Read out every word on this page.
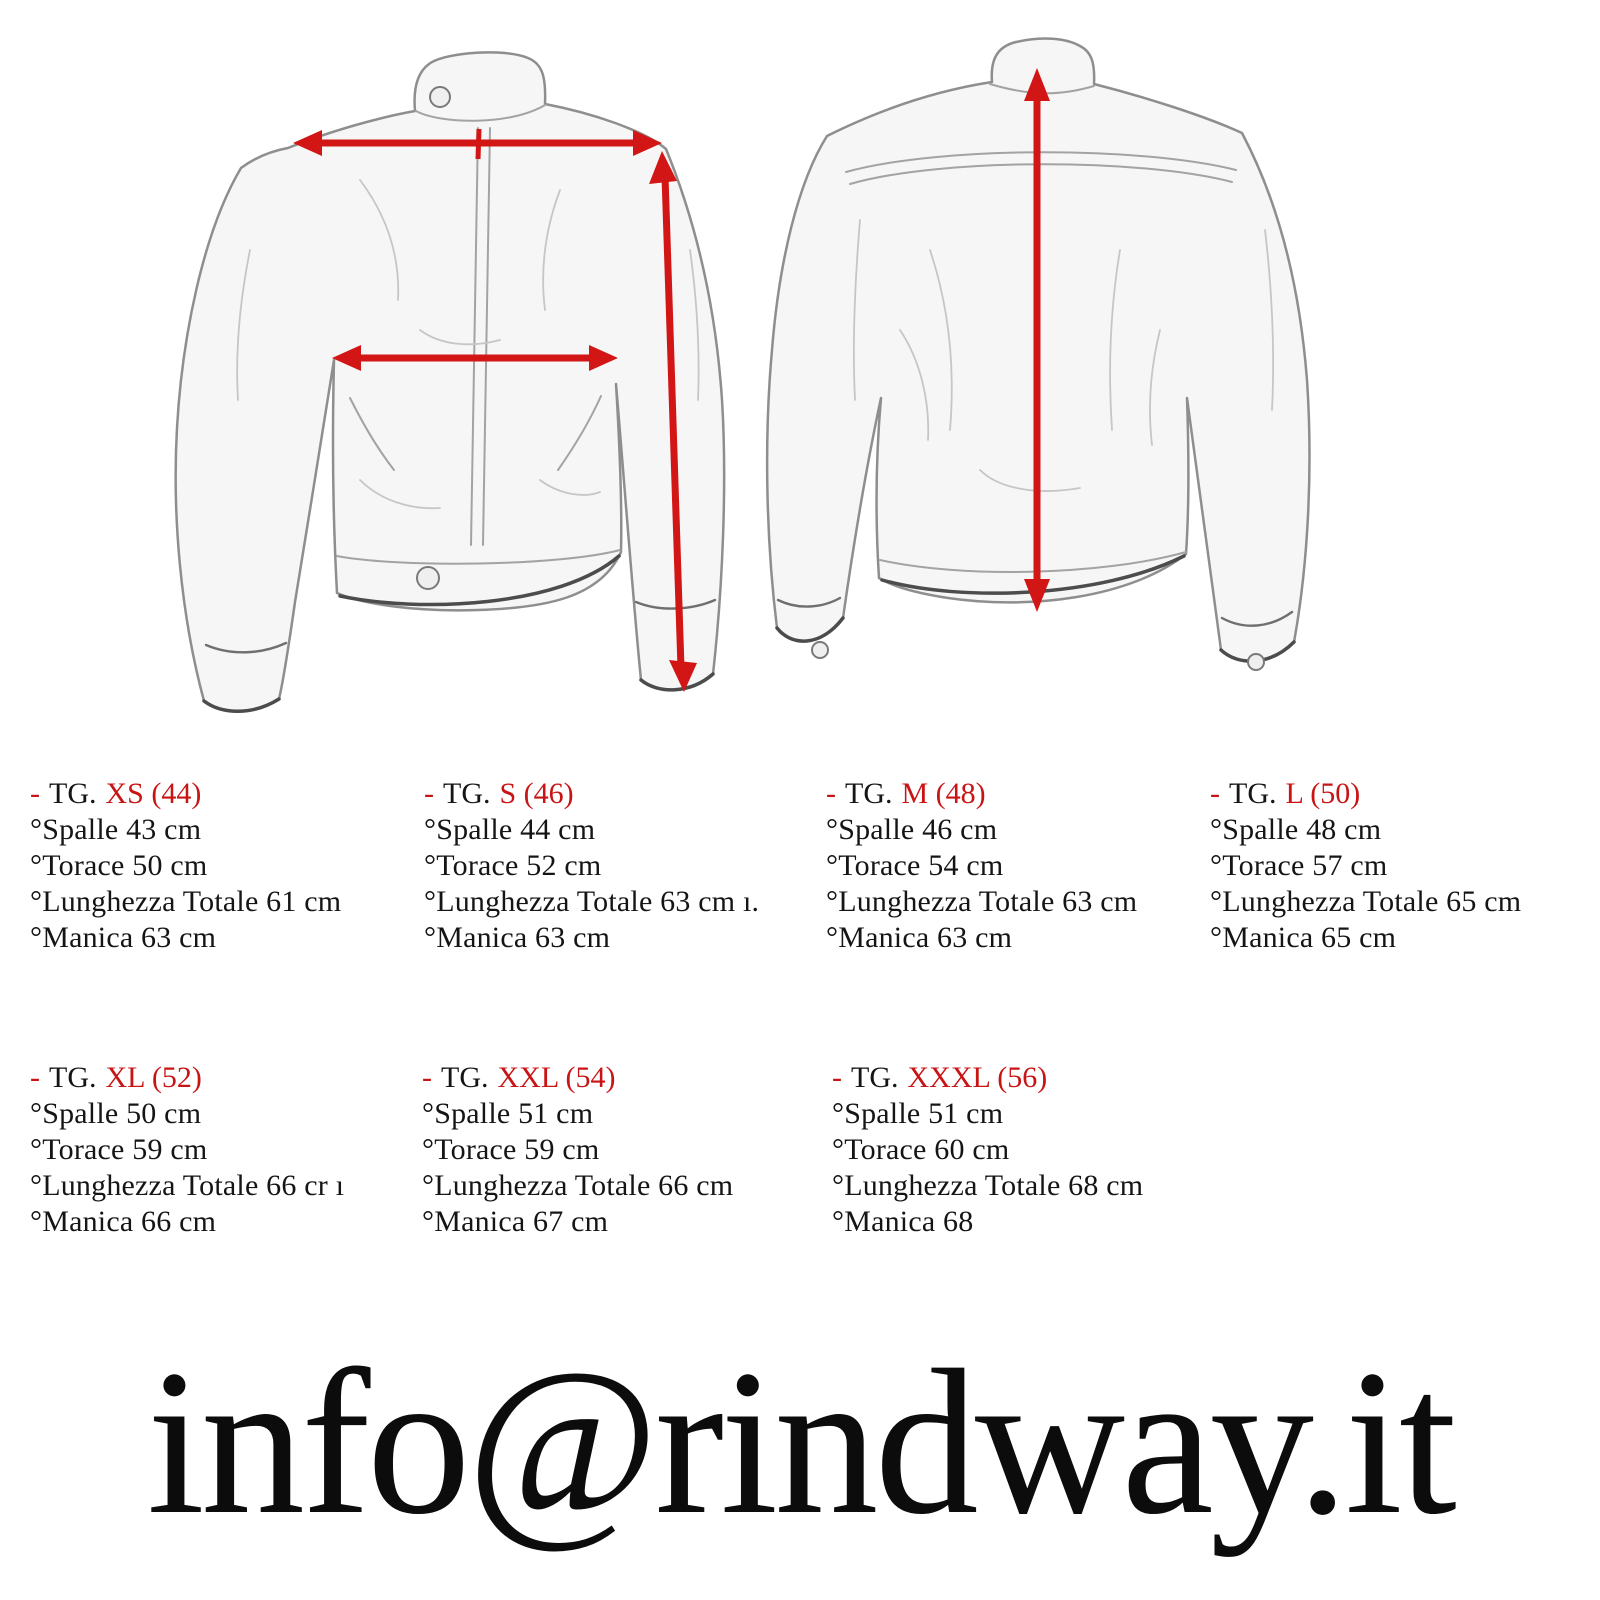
- TG. XS (44)
°Spalle 43 cm
°Torace 50 cm
°Lunghezza Totale 61 cm
°Manica 63 cm
- TG. S (46)
°Spalle 44 cm
°Torace 52 cm
°Lunghezza Totale 63 cm ı.
°Manica 63 cm
- TG. M (48)
°Spalle 46 cm
°Torace 54 cm
°Lunghezza Totale 63 cm
°Manica 63 cm
- TG. L (50)
°Spalle 48 cm
°Torace 57 cm
°Lunghezza Totale 65 cm
°Manica 65 cm
- TG. XL (52)
°Spalle 50 cm
°Torace 59 cm
°Lunghezza Totale 66 cr ı
°Manica 66 cm
- TG. XXL (54)
°Spalle 51 cm
°Torace 59 cm
°Lunghezza Totale 66 cm
°Manica 67 cm
- TG. XXXL (56)
°Spalle 51 cm
°Torace 60 cm
°Lunghezza Totale 68 cm
°Manica 68
info@rindway.it
